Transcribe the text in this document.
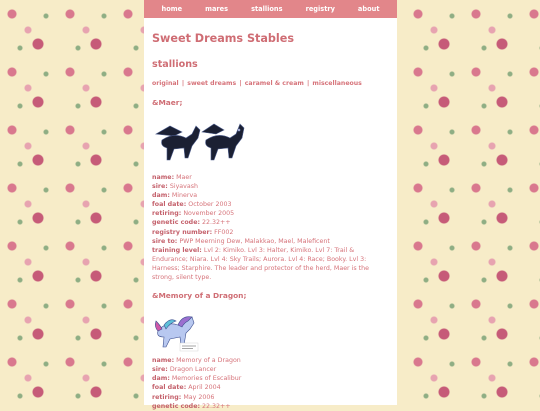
home	mares	stallions	registry	about
Sweet Dreams Stables
stallions
original | sweet dreams | caramel & cream | miscellaneous
&Maer;
name: Maer
sire: Siyavash
dam: Minerva
foal date: October 2003
retiring: November 2005
genetic code: 22.32++
registry number: FF002
sire to: PWP Meerning Dew, Malakkao, Mael, Maleficent
training level: Lvl 2: Kimiko. Lvl 3: Halter, Kimiko. Lvl 7: Trail & Endurance; Niara. Lvl 4: Sky Trails; Aurora. Lvl 4: Race; Booky. Lvl 3: Harness; Starphire. The leader and protector of the herd, Maer is the strong, silent type.
&Memory of a Dragon;
name: Memory of a Dragon
sire: Dragon Lancer
dam: Memories of Escalibur
foal date: April 2004
retiring: May 2006
genetic code: 22.32++
